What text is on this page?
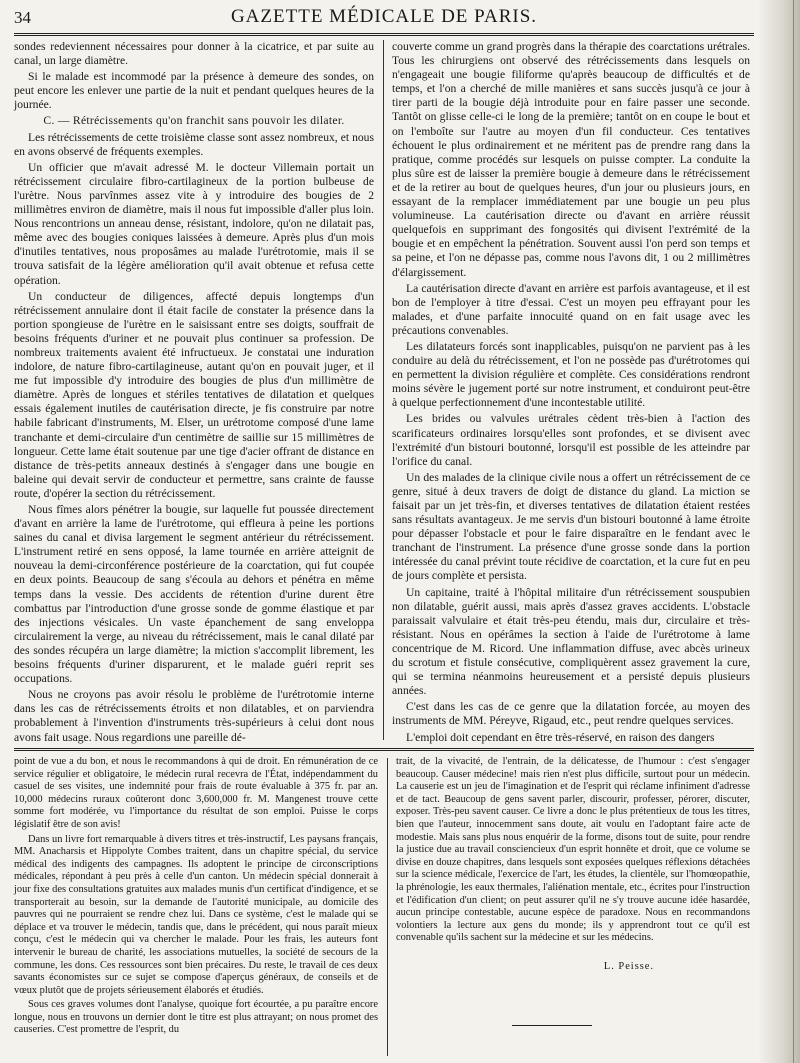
34	GAZETTE MÉDICALE DE PARIS.

sondes redeviennent nécessaires pour donner à la cicatrice, et par suite au canal, un large diamètre.

Si le malade est incommodé par la présence à demeure des sondes, on peut encore les enlever une partie de la nuit et pendant quelques heures de la journée.

C. — Rétrécissements qu'on franchit sans pouvoir les dilater.

Les rétrécissements de cette troisième classe sont assez nombreux, et nous en avons observé de fréquents exemples.

Un officier que m'avait adressé M. le docteur Villemain portait un rétrécissement circulaire fibro-cartilagineux de la portion bulbeuse de l'urètre. Nous parvînmes assez vite à y introduire des bougies de 2 millimètres environ de diamètre, mais il nous fut impossible d'aller plus loin. Nous rencontrions un anneau dense, résistant, indolore, qu'on ne dilatait pas, même avec des bougies coniques laissées à demeure. Après plus d'un mois d'inutiles tentatives, nous proposâmes au malade l'urétrotomie, mais il se trouva satisfait de la légère amélioration qu'il avait obtenue et refusa cette opération.

Un conducteur de diligences, affecté depuis longtemps d'un rétrécissement annulaire dont il était facile de constater la présence dans la portion spongieuse de l'urètre en le saisissant entre ses doigts, souffrait de besoins fréquents d'uriner et ne pouvait plus continuer sa profession. De nombreux traitements avaient été infructueux. Je constatai une induration indolore, de nature fibro-cartilagineuse, autant qu'on en pouvait juger, et il me fut impossible d'y introduire des bougies de plus d'un millimètre de diamètre. Après de longues et stériles tentatives de dilatation et quelques essais également inutiles de cautérisation directe, je fis construire par notre habile fabricant d'instruments, M. Elser, un urétrotome composé d'une lame tranchante et demi-circulaire d'un centimètre de saillie sur 15 millimètres de longueur. Cette lame était soutenue par une tige d'acier offrant de distance en distance de très-petits anneaux destinés à s'engager dans une bougie en baleine qui devait servir de conducteur et permettre, sans crainte de fausse route, d'opérer la section du rétrécissement.

Nous fîmes alors pénétrer la bougie, sur laquelle fut poussée directement d'avant en arrière la lame de l'urétrotome, qui effleura à peine les portions saines du canal et divisa largement le segment antérieur du rétrécissement. L'instrument retiré en sens opposé, la lame tournée en arrière atteignit de nouveau la demi-circonférence postérieure de la coarctation, qui fut coupée en deux points. Beaucoup de sang s'écoula au dehors et pénétra en même temps dans la vessie. Des accidents de rétention d'urine durent être combattus par l'introduction d'une grosse sonde de gomme élastique et par des injections vésicales. Un vaste épanchement de sang enveloppa circulairement la verge, au niveau du rétrécissement, mais le canal dilaté par des sondes récupéra un large diamètre; la miction s'accomplit librement, les besoins fréquents d'uriner disparurent, et le malade guéri reprit ses occupations.

Nous ne croyons pas avoir résolu le problème de l'urétrotomie interne dans les cas de rétrécissements étroits et non dilatables, et on parviendra probablement à l'invention d'instruments très-supérieurs à celui dont nous avons fait usage. Nous regardions une pareille dé-

couverte comme un grand progrès dans la thérapie des coarctations urétrales. Tous les chirurgiens ont observé des rétrécissements dans lesquels on n'engageait une bougie filiforme qu'après beaucoup de difficultés et de temps, et l'on a cherché de mille manières et sans succès jusqu'à ce jour à tirer parti de la bougie déjà introduite pour en faire passer une seconde. Tantôt on glisse celle-ci le long de la première; tantôt on en coupe le bout et on l'emboîte sur l'autre au moyen d'un fil conducteur. Ces tentatives échouent le plus ordinairement et ne méritent pas de prendre rang dans la pratique, comme procédés sur lesquels on puisse compter. La conduite la plus sûre est de laisser la première bougie à demeure dans le rétrécissement et de la retirer au bout de quelques heures, d'un jour ou plusieurs jours, en essayant de la remplacer immédiatement par une bougie un peu plus volumineuse. La cautérisation directe ou d'avant en arrière réussit quelquefois en supprimant des fongosités qui divisent l'extrémité de la bougie et en empêchent la pénétration. Souvent aussi l'on perd son temps et sa peine, et l'on ne dépasse pas, comme nous l'avons dit, 1 ou 2 millimètres d'élargissement.

La cautérisation directe d'avant en arrière est parfois avantageuse, et il est bon de l'employer à titre d'essai. C'est un moyen peu effrayant pour les malades, et d'une parfaite innocuité quand on en fait usage avec les précautions convenables.

Les dilatateurs forcés sont inapplicables, puisqu'on ne parvient pas à les conduire au delà du rétrécissement, et l'on ne possède pas d'urétrotomes qui en permettent la division régulière et complète. Ces considérations rendront moins sévère le jugement porté sur notre instrument, et conduiront peut-être à quelque perfectionnement d'une incontestable utilité.

Les brides ou valvules urétrales cèdent très-bien à l'action des scarificateurs ordinaires lorsqu'elles sont profondes, et se divisent avec l'extrémité d'un bistouri boutonné, lorsqu'il est possible de les atteindre par l'orifice du canal.

Un des malades de la clinique civile nous a offert un rétrécissement de ce genre, situé à deux travers de doigt de distance du gland. La miction se faisait par un jet très-fin, et diverses tentatives de dilatation étaient restées sans résultats avantageux. Je me servis d'un bistouri boutonné à lame étroite pour dépasser l'obstacle et pour le faire disparaître en le fendant avec le tranchant de l'instrument. La présence d'une grosse sonde dans la portion intéressée du canal prévint toute récidive de coarctation, et la cure fut en peu de jours complète et persista.

Un capitaine, traité à l'hôpital militaire d'un rétrécissement souspubien non dilatable, guérit aussi, mais après d'assez graves accidents. L'obstacle paraissait valvulaire et était très-peu étendu, mais dur, circulaire et très-résistant. Nous en opérâmes la section à l'aide de l'urétrotome à lame concentrique de M. Ricord. Une inflammation diffuse, avec abcès urineux du scrotum et fistule consécutive, compliquèrent assez gravement la cure, qui se termina néanmoins heureusement et a persisté depuis plusieurs années.

C'est dans les cas de ce genre que la dilatation forcée, au moyen des instruments de MM. Péreyve, Rigaud, etc., peut rendre quelques services.

L'emploi doit cependant en être très-réservé, en raison des dangers

point de vue a du bon, et nous le recommandons à qui de droit. En rémunération de ce service régulier et obligatoire, le médecin rural recevra de l'État, indépendamment du casuel de ses visites, une indemnité pour frais de route évaluable à 375 fr. par an. 10,000 médecins ruraux coûteront donc 3,600,000 fr. M. Mangenest trouve cette somme fort modérée, vu l'importance du résultat de son emploi. Puisse le corps législatif être de son avis!

Dans un livre fort remarquable à divers titres et très-instructif, Les paysans français, MM. Anacharsis et Hippolyte Combes traitent, dans un chapitre spécial, du service médical des indigents des campagnes. Ils adoptent le principe de circonscriptions médicales, répondant à peu près à celle d'un canton. Un médecin spécial donnerait à jour fixe des consultations gratuites aux malades munis d'un certificat d'indigence, et se transporterait au besoin, sur la demande de l'autorité municipale, au domicile des pauvres qui ne pourraient se rendre chez lui. Dans ce système, c'est le malade qui se déplace et va trouver le médecin, tandis que, dans le précédent, qui nous paraît mieux conçu, c'est le médecin qui va chercher le malade. Pour les frais, les auteurs font intervenir le bureau de charité, les associations mutuelles, la société de secours de la commune, les dons. Ces ressources sont bien précaires. Du reste, le travail de ces deux savants économistes sur ce sujet se compose d'aperçus généraux, de conseils et de vœux plutôt que de projets sérieusement élaborés et étudiés.

Sous ces graves volumes dont l'analyse, quoique fort écourtée, a pu paraître encore longue, nous en trouvons un dernier dont le titre est plus attrayant; on nous promet des causeries. C'est promettre de l'esprit, du

trait, de la vivacité, de l'entrain, de la délicatesse, de l'humour : c'est s'engager beaucoup. Causer médecine! mais rien n'est plus difficile, surtout pour un médecin. La causerie est un jeu de l'imagination et de l'esprit qui réclame infiniment d'adresse et de tact. Beaucoup de gens savent parler, discourir, professer, pérorer, discuter, exposer. Très-peu savent causer. Ce livre a donc le plus prétentieux de tous les titres, bien que l'auteur, innocemment sans doute, ait voulu en l'adoptant faire acte de modestie. Mais sans plus nous enquérir de la forme, disons tout de suite, pour rendre la justice due au travail consciencieux d'un esprit honnête et droit, que ce volume se divise en douze chapitres, dans lesquels sont exposées quelques réflexions détachées sur la science médicale, l'exercice de l'art, les études, la clientèle, sur l'homœopathie, la phrénologie, les eaux thermales, l'aliénation mentale, etc., écrites pour l'instruction et l'édification d'un client; on peut assurer qu'il ne s'y trouve aucune idée hasardée, aucun principe contestable, aucune espèce de paradoxe. Nous en recommandons volontiers la lecture aux gens du monde; ils y apprendront tout ce qu'il est convenable qu'ils sachent sur la médecine et sur les médecins.

L. Peisse.
